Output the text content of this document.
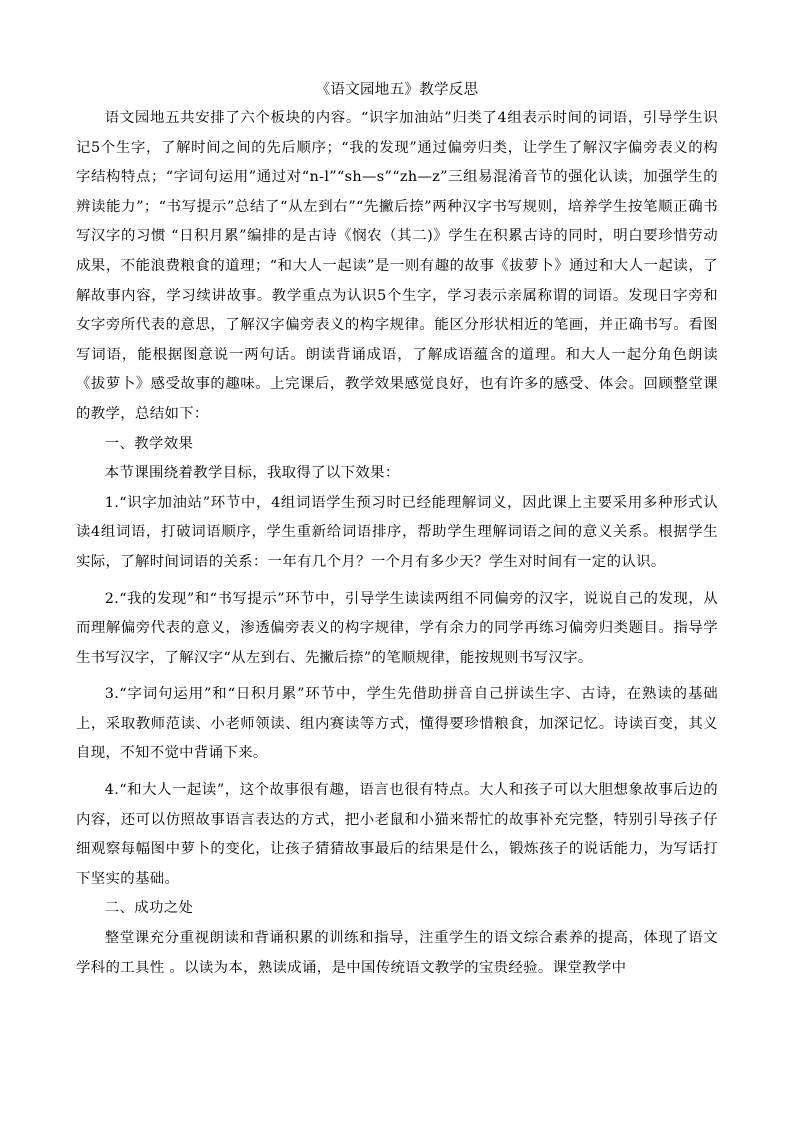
《语文园地五》教学反思

语文园地五共安排了六个板块的内容。“识字加油站”归类了4组表示时间的词语，引导学生识记5个生字，了解时间之间的先后顺序；“我的发现”通过偏旁归类，让学生了解汉字偏旁表义的构字结构特点；“字词句运用”通过对“n-l”“sh—s”“zh—z”三组易混淆音节的强化认读，加强学生的辨读能力”；“书写提示”总结了“从左到右”“先撇后捺”两种汉字书写规则，培养学生按笔顺正确书写汉字的习惯 “日积月累”编排的是古诗《悯农（其二)》学生在积累古诗的同时，明白要珍惜劳动成果，不能浪费粮食的道理；“和大人一起读”是一则有趣的故事《拔萝卜》通过和大人一起读，了解故事内容，学习续讲故事。教学重点为认识5个生字，学习表示亲属称谓的词语。发现日字旁和女字旁所代表的意思，了解汉字偏旁表义的构字规律。能区分形状相近的笔画，并正确书写。看图写词语，能根据图意说一两句话。朗读背诵成语，了解成语蕴含的道理。和大人一起分角色朗读《拔萝卜》感受故事的趣味。上完课后，教学效果感觉良好，也有许多的感受、体会。回顾整堂课的教学，总结如下：

一、教学效果

本节课围绕着教学目标，我取得了以下效果：

1.“识字加油站”环节中，4组词语学生预习时已经能理解词义，因此课上主要采用多种形式认读4组词语，打破词语顺序，学生重新给词语排序，帮助学生理解词语之间的意义关系。根据学生实际，了解时间词语的关系：一年有几个月？一个月有多少天？学生对时间有一定的认识。

2.“我的发现”和“书写提示”环节中，引导学生读读两组不同偏旁的汉字，说说自己的发现，从而理解偏旁代表的意义，渗透偏旁表义的构字规律，学有余力的同学再练习偏旁归类题目。指导学生书写汉字，了解汉字“从左到右、先撇后捺”的笔顺规律，能按规则书写汉字。

3.“字词句运用”和“日积月累”环节中，学生先借助拼音自己拼读生字、古诗，在熟读的基础上，采取教师范读、小老师领读、组内赛读等方式，懂得要珍惜粮食，加深记忆。诗读百变，其义自现，不知不觉中背诵下来。

4.“和大人一起读”，这个故事很有趣，语言也很有特点。大人和孩子可以大胆想象故事后边的内容，还可以仿照故事语言表达的方式，把小老鼠和小猫来帮忙的故事补充完整，特别引导孩子仔细观察每幅图中萝卜的变化，让孩子猜猜故事最后的结果是什么，锻炼孩子的说话能力，为写话打下坚实的基础。

二、成功之处

整堂课充分重视朗读和背诵积累的训练和指导，注重学生的语文综合素养的提高，体现了语文学科的工具性 。以读为本，熟读成诵，是中国传统语文教学的宝贵经验。课堂教学中
